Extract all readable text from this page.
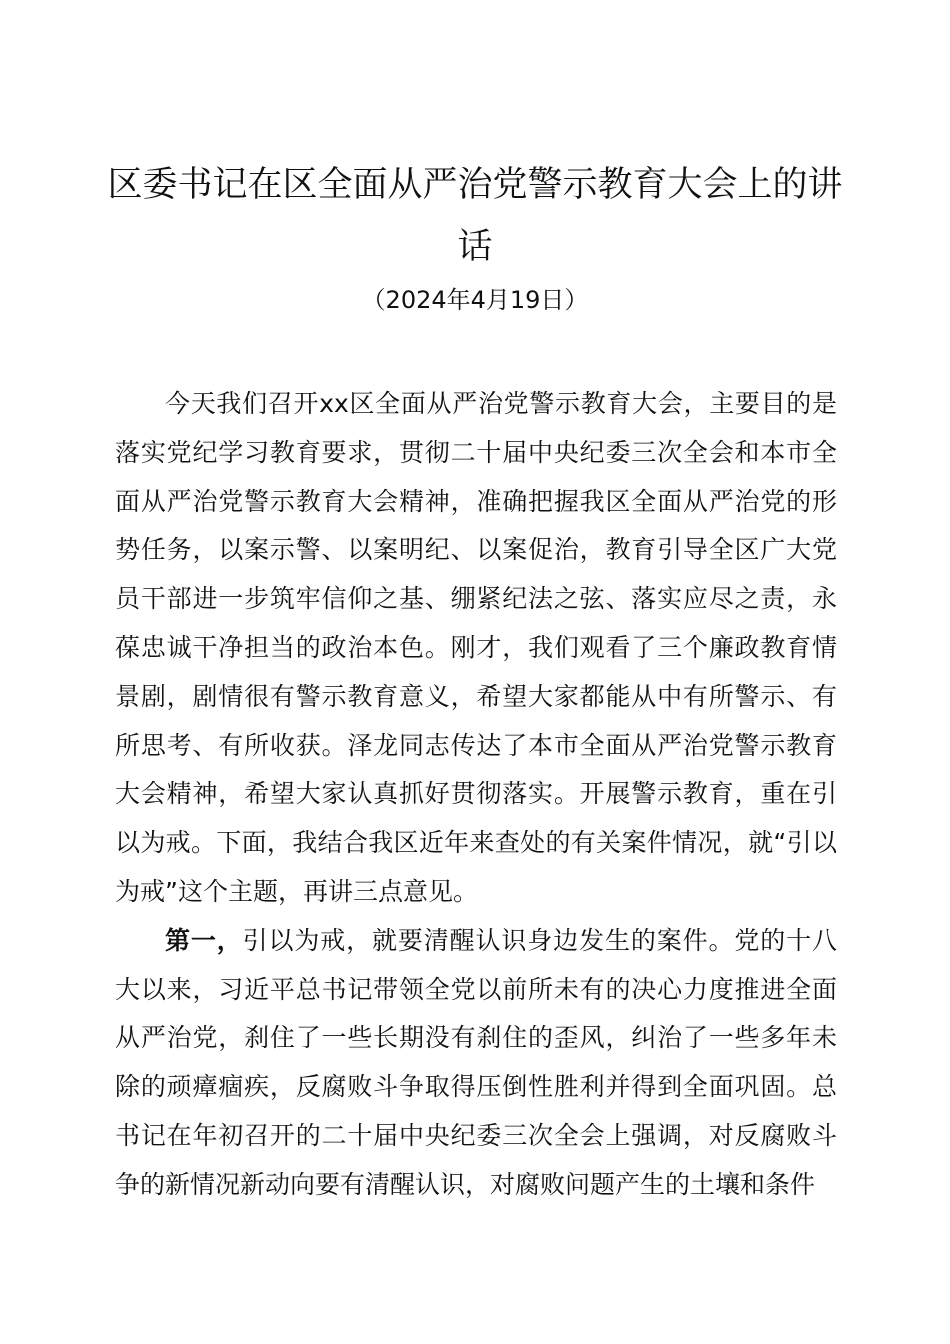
区委书记在区全面从严治党警示教育大会上的讲话
（2024年4月19日）

今天我们召开xx区全面从严治党警示教育大会，主要目的是落实党纪学习教育要求，贯彻二十届中央纪委三次全会和本市全面从严治党警示教育大会精神，准确把握我区全面从严治党的形势任务，以案示警、以案明纪、以案促治，教育引导全区广大党员干部进一步筑牢信仰之基、绷紧纪法之弦、落实应尽之责，永葆忠诚干净担当的政治本色。刚才，我们观看了三个廉政教育情景剧，剧情很有警示教育意义，希望大家都能从中有所警示、有所思考、有所收获。泽龙同志传达了本市全面从严治党警示教育大会精神，希望大家认真抓好贯彻落实。开展警示教育，重在引以为戒。下面，我结合我区近年来查处的有关案件情况，就“引以为戒”这个主题，再讲三点意见。

第一，引以为戒，就要清醒认识身边发生的案件。党的十八大以来，习近平总书记带领全党以前所未有的决心力度推进全面从严治党，刹住了一些长期没有刹住的歪风，纠治了一些多年未除的顽瘴痼疾，反腐败斗争取得压倒性胜利并得到全面巩固。总书记在年初召开的二十届中央纪委三次全会上强调，对反腐败斗争的新情况新动向要有清醒认识，对腐败问题产生的土壤和条件
